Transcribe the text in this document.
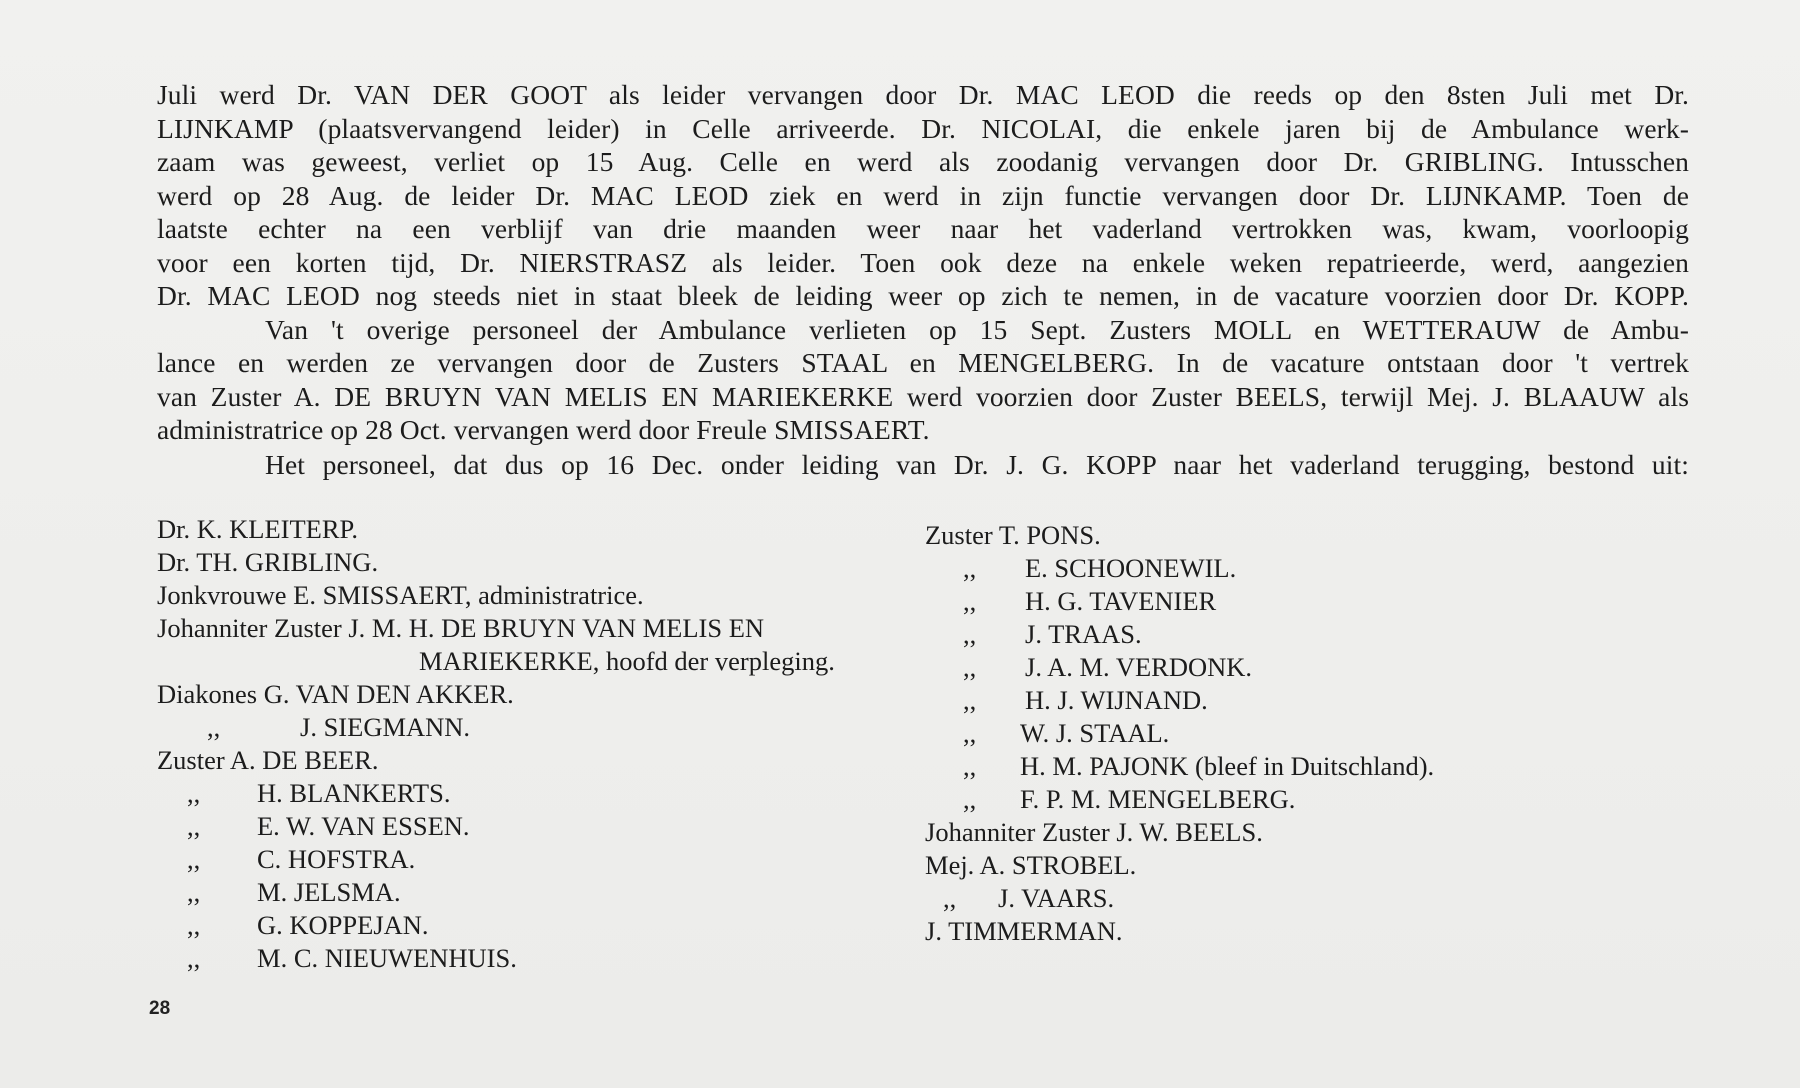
Juli werd Dr. VAN DER GOOT als leider vervangen door Dr. MAC LEOD die reeds op den 8sten Juli met Dr.
LIJNKAMP (plaatsvervangend leider) in Celle arriveerde. Dr. NICOLAI, die enkele jaren bij de Ambulance werk-
zaam was geweest, verliet op 15 Aug. Celle en werd als zoodanig vervangen door Dr. GRIBLING. Intusschen
werd op 28 Aug. de leider Dr. MAC LEOD ziek en werd in zijn functie vervangen door Dr. LIJNKAMP. Toen de
laatste echter na een verblijf van drie maanden weer naar het vaderland vertrokken was, kwam, voorloopig
voor een korten tijd, Dr. NIERSTRASZ als leider. Toen ook deze na enkele weken repatrieerde, werd, aangezien
Dr. MAC LEOD nog steeds niet in staat bleek de leiding weer op zich te nemen, in de vacature voorzien door Dr. KOPP.
Van 't overige personeel der Ambulance verlieten op 15 Sept. Zusters MOLL en WETTERAUW de Ambu-
lance en werden ze vervangen door de Zusters STAAL en MENGELBERG. In de vacature ontstaan door 't vertrek
van Zuster A. DE BRUYN VAN MELIS EN MARIEKERKE werd voorzien door Zuster BEELS, terwijl Mej. J. BLAAUW als
administratrice op 28 Oct. vervangen werd door Freule SMISSAERT.
Het personeel, dat dus op 16 Dec. onder leiding van Dr. J. G. KOPP naar het vaderland terugging, bestond uit:
Dr. K. KLEITERP.
Dr. TH. GRIBLING.
Jonkvrouwe E. SMISSAERT, administratrice.
Johanniter Zuster J. M. H. DE BRUYN VAN MELIS EN
MARIEKERKE, hoofd der verpleging.
Diakones G. VAN DEN AKKER.
,,	J. SIEGMANN.
Zuster A. DE BEER.
,, H. BLANKERTS.
,, E. W. VAN ESSEN.
,, C. HOFSTRA.
,, M. JELSMA.
,, G. KOPPEJAN.
,, M. C. NIEUWENHUIS.
Zuster T. PONS.
,, E. SCHOONEWIL.
,, H. G. TAVENIER
,, J. TRAAS.
,, J. A. M. VERDONK.
,, H. J. WIJNAND.
,, W. J. STAAL.
,, H. M. PAJONK (bleef in Duitschland).
,, F. P. M. MENGELBERG.
Johanniter Zuster J. W. BEELS.
Mej. A. STROBEL.
,, J. VAARS.
J. TIMMERMAN.
28
